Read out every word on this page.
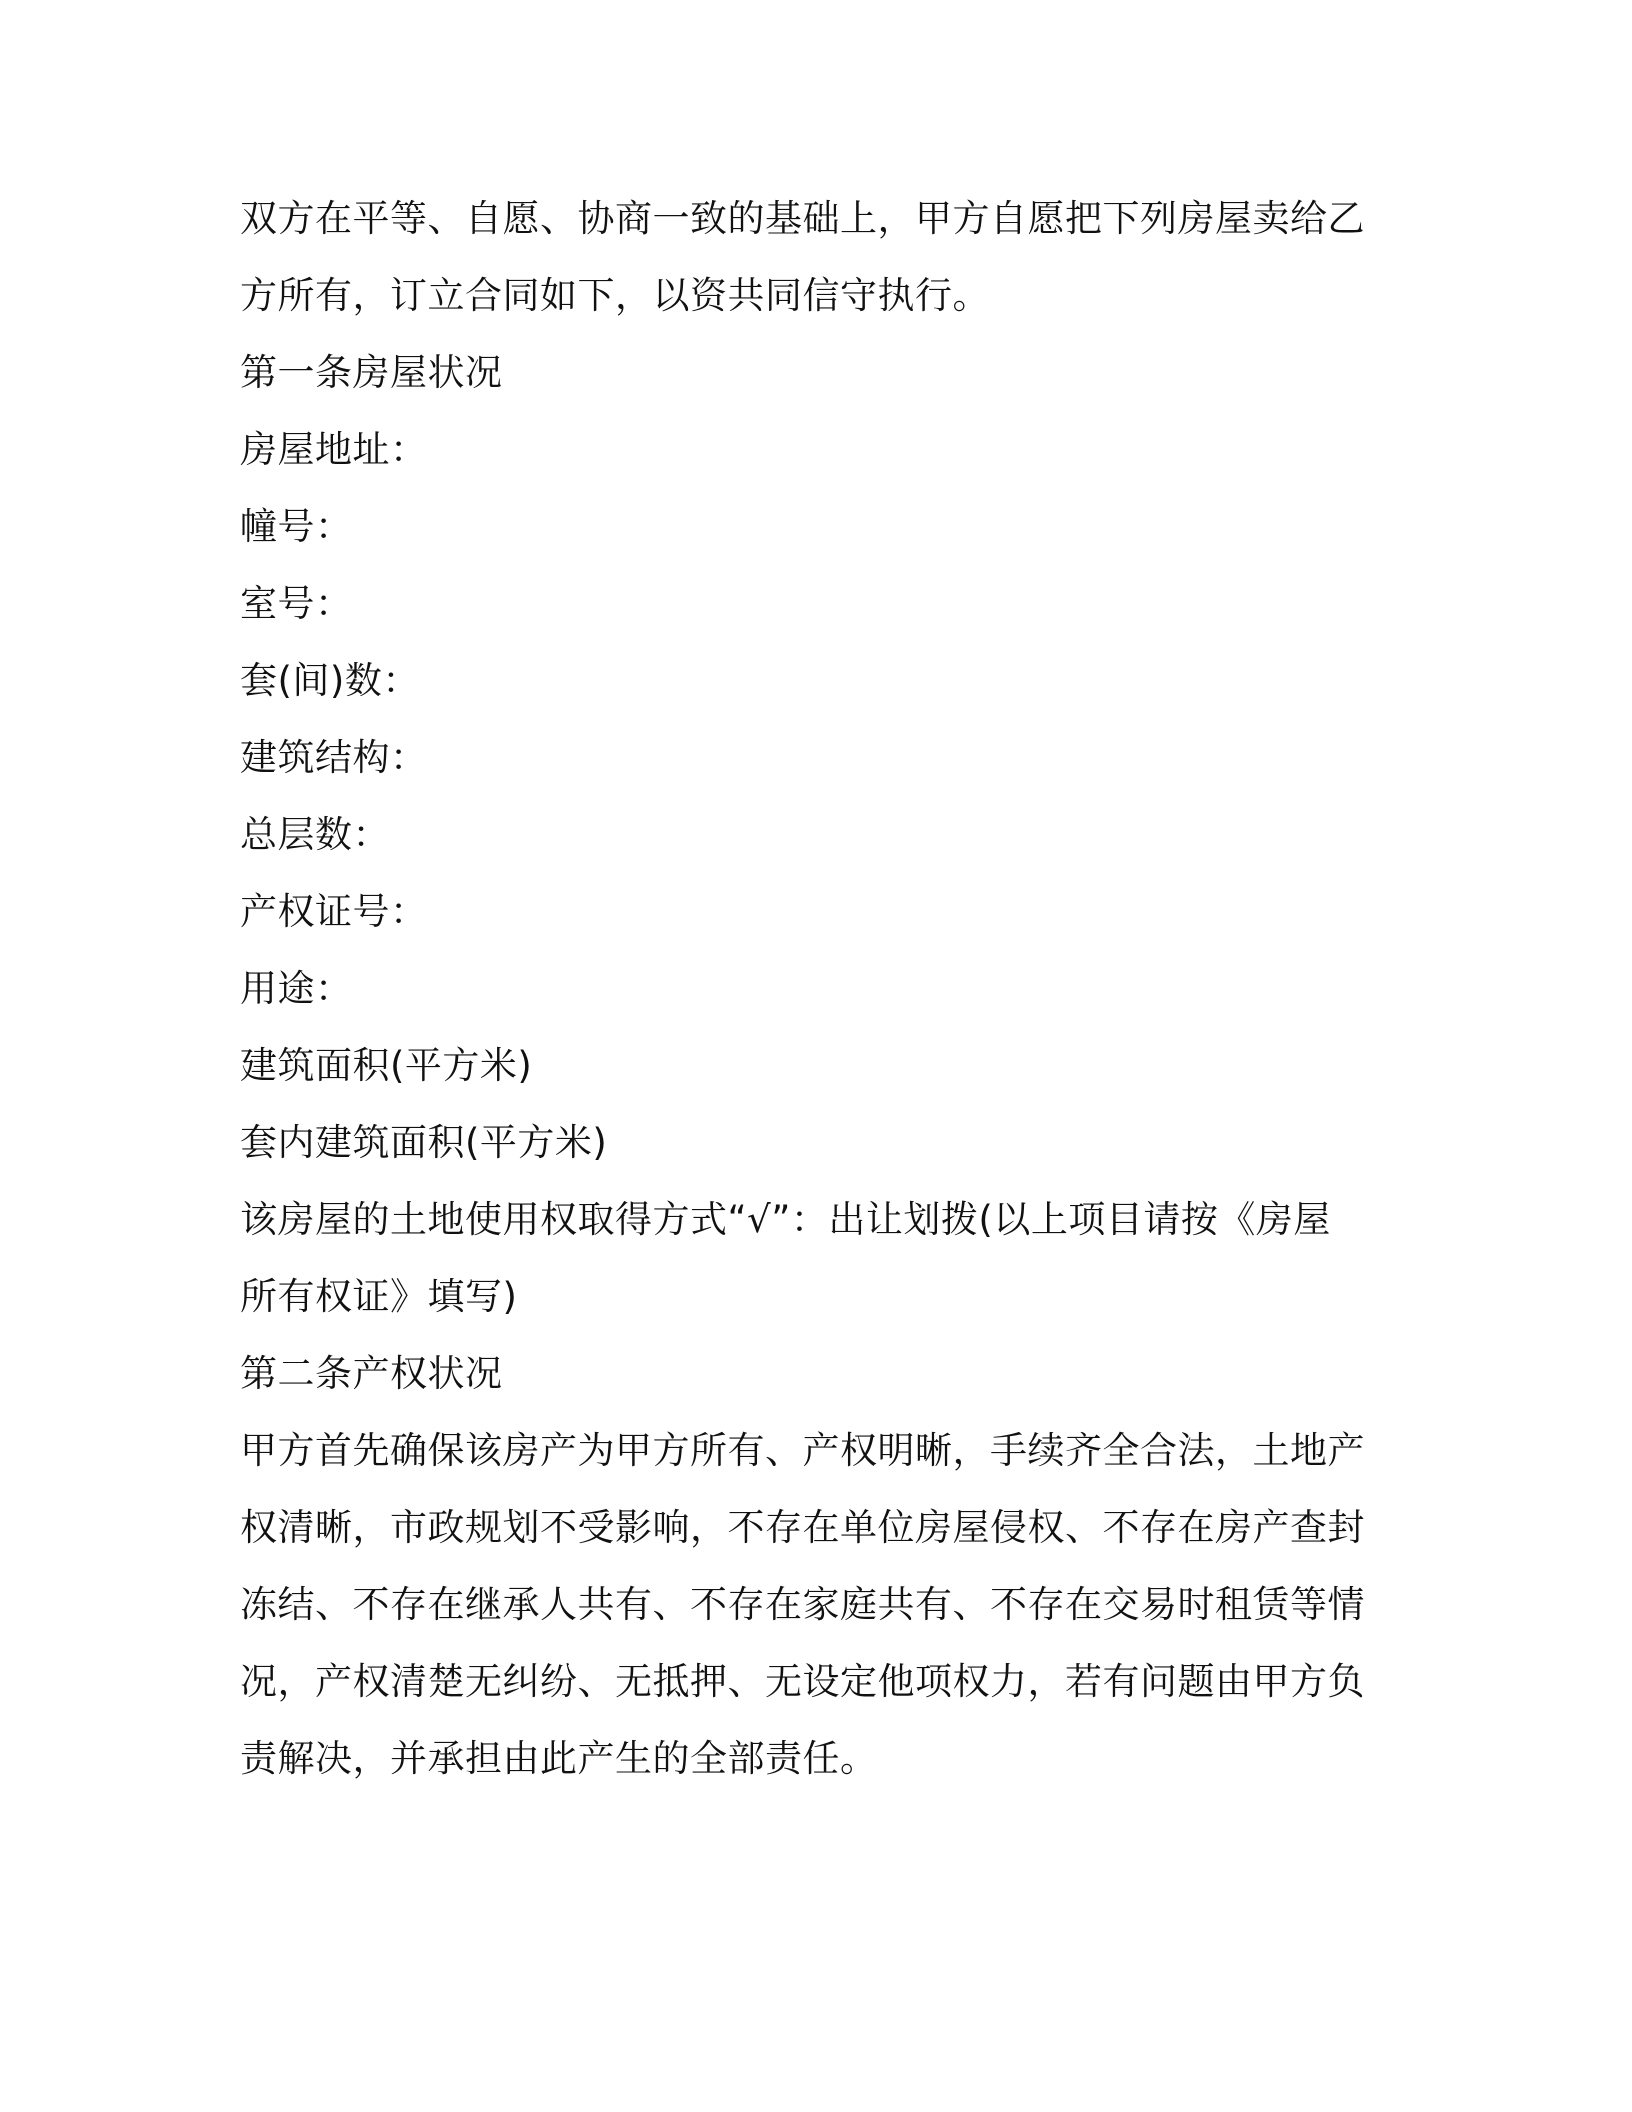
双方在平等、自愿、协商一致的基础上，甲方自愿把下列房屋卖给乙
方所有，订立合同如下，以资共同信守执行。
第一条房屋状况
房屋地址：
幢号：
室号：
套(间)数：
建筑结构：
总层数：
产权证号：
用途：
建筑面积(平方米)
套内建筑面积(平方米)
该房屋的土地使用权取得方式“√”：出让划拨(以上项目请按《房屋
所有权证》填写)
第二条产权状况
甲方首先确保该房产为甲方所有、产权明晰，手续齐全合法，土地产
权清晰，市政规划不受影响，不存在单位房屋侵权、不存在房产查封
冻结、不存在继承人共有、不存在家庭共有、不存在交易时租赁等情
况，产权清楚无纠纷、无抵押、无设定他项权力，若有问题由甲方负
责解决，并承担由此产生的全部责任。
